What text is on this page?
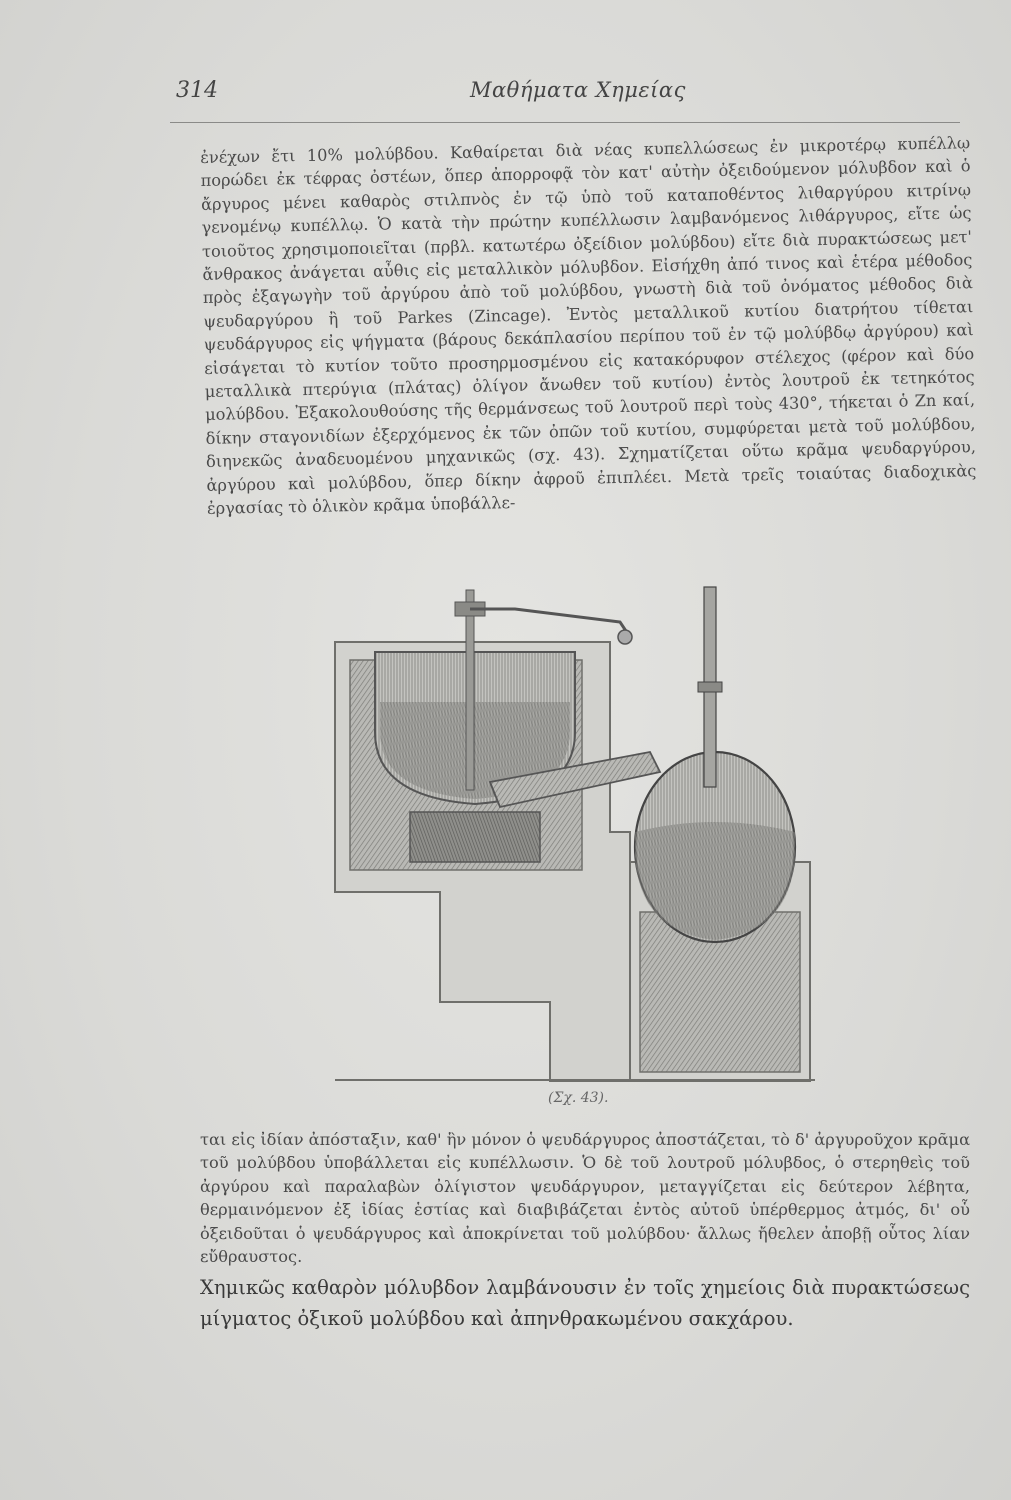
314	Μαθήματα Χημείας

ἐνέχων ἔτι 10% μολύβδου. Καθαίρεται διὰ νέας κυπελλώσεως ἐν μικροτέρῳ κυπέλλῳ πορώδει ἐκ τέφρας ὀστέων, ὅπερ ἀπορροφᾷ τὸν κατ' αὐτὴν ὀξειδούμενον μόλυβδον καὶ ὁ ἄργυρος μένει καθαρὸς στιλπνὸς ἐν τῷ ὑπὸ τοῦ καταποθέντος λιθαργύρου κιτρίνῳ γενομένῳ κυπέλλῳ. Ὁ κατὰ τὴν πρώτην κυπέλλωσιν λαμβανόμενος λιθάργυρος, εἴτε ὡς τοιοῦτος χρησιμοποιεῖται (πρβλ. κατωτέρω ὀξείδιον μολύβδου) εἴτε διὰ πυρακτώσεως μετ' ἄνθρακος ἀνάγεται αὖθις εἰς μεταλλικὸν μόλυβδον. Εἰσήχθη ἀπό τινος καὶ ἑτέρα μέθοδος πρὸς ἐξαγωγὴν τοῦ ἀργύρου ἀπὸ τοῦ μολύβδου, γνωστὴ διὰ τοῦ ὀνόματος μέθοδος διὰ ψευδαργύρου ἢ τοῦ Parkes (Zincage). Ἐντὸς μεταλλικοῦ κυτίου διατρήτου τίθεται ψευδάργυρος εἰς ψήγματα (βάρους δεκάπλασίου περίπου τοῦ ἐν τῷ μολύβδῳ ἀργύρου) καὶ εἰσάγεται τὸ κυτίον τοῦτο προσηρμοσμένου εἰς κατακόρυφον στέλεχος (φέρον καὶ δύο μεταλλικὰ πτερύγια (πλάτας) ὀλίγον ἄνωθεν τοῦ κυτίου) ἐντὸς λουτροῦ ἐκ τετηκότος μολύβδου. Ἐξακολουθούσης τῆς θερμάνσεως τοῦ λουτροῦ περὶ τοὺς 430°, τήκεται ὁ Zn καί, δίκην σταγονιδίων ἐξερχόμενος ἐκ τῶν ὀπῶν τοῦ κυτίου, συμφύρεται μετὰ τοῦ μολύβδου, διηνεκῶς ἀναδευομένου μηχανικῶς (σχ. 43). Σχηματίζεται οὕτω κρᾶμα ψευδαργύρου, ἀργύρου καὶ μολύβδου, ὅπερ δίκην ἀφροῦ ἐπιπλέει. Μετὰ τρεῖς τοιαύτας διαδοχικὰς ἐργασίας τὸ ὁλικὸν κρᾶμα ὑποβάλλε-

(Σχ. 43).

ται εἰς ἰδίαν ἀπόσταξιν, καθ' ἣν μόνον ὁ ψευδάργυρος ἀποστάζεται, τὸ δ' ἀργυροῦχον κρᾶμα τοῦ μολύβδου ὑποβάλλεται εἰς κυπέλλωσιν. Ὁ δὲ τοῦ λουτροῦ μόλυβδος, ὁ στερηθεὶς τοῦ ἀργύρου καὶ παραλαβὼν ὀλίγιστον ψευδάργυρον, μεταγγίζεται εἰς δεύτερον λέβητα, θερμαινόμενον ἐξ ἰδίας ἑστίας καὶ διαβιβάζεται ἐντὸς αὐτοῦ ὑπέρθερμος ἀτμός, δι' οὗ ὀξειδοῦται ὁ ψευδάργυρος καὶ ἀποκρίνεται τοῦ μολύβδου· ἄλλως ἤθελεν ἀποβῇ οὗτος λίαν εὔθραυστος.

Χημικῶς καθαρὸν μόλυβδον λαμβάνουσιν ἐν τοῖς χημείοις διὰ πυρακτώσεως μίγματος ὀξικοῦ μολύβδου καὶ ἀπηνθρακωμένου σακχάρου.
